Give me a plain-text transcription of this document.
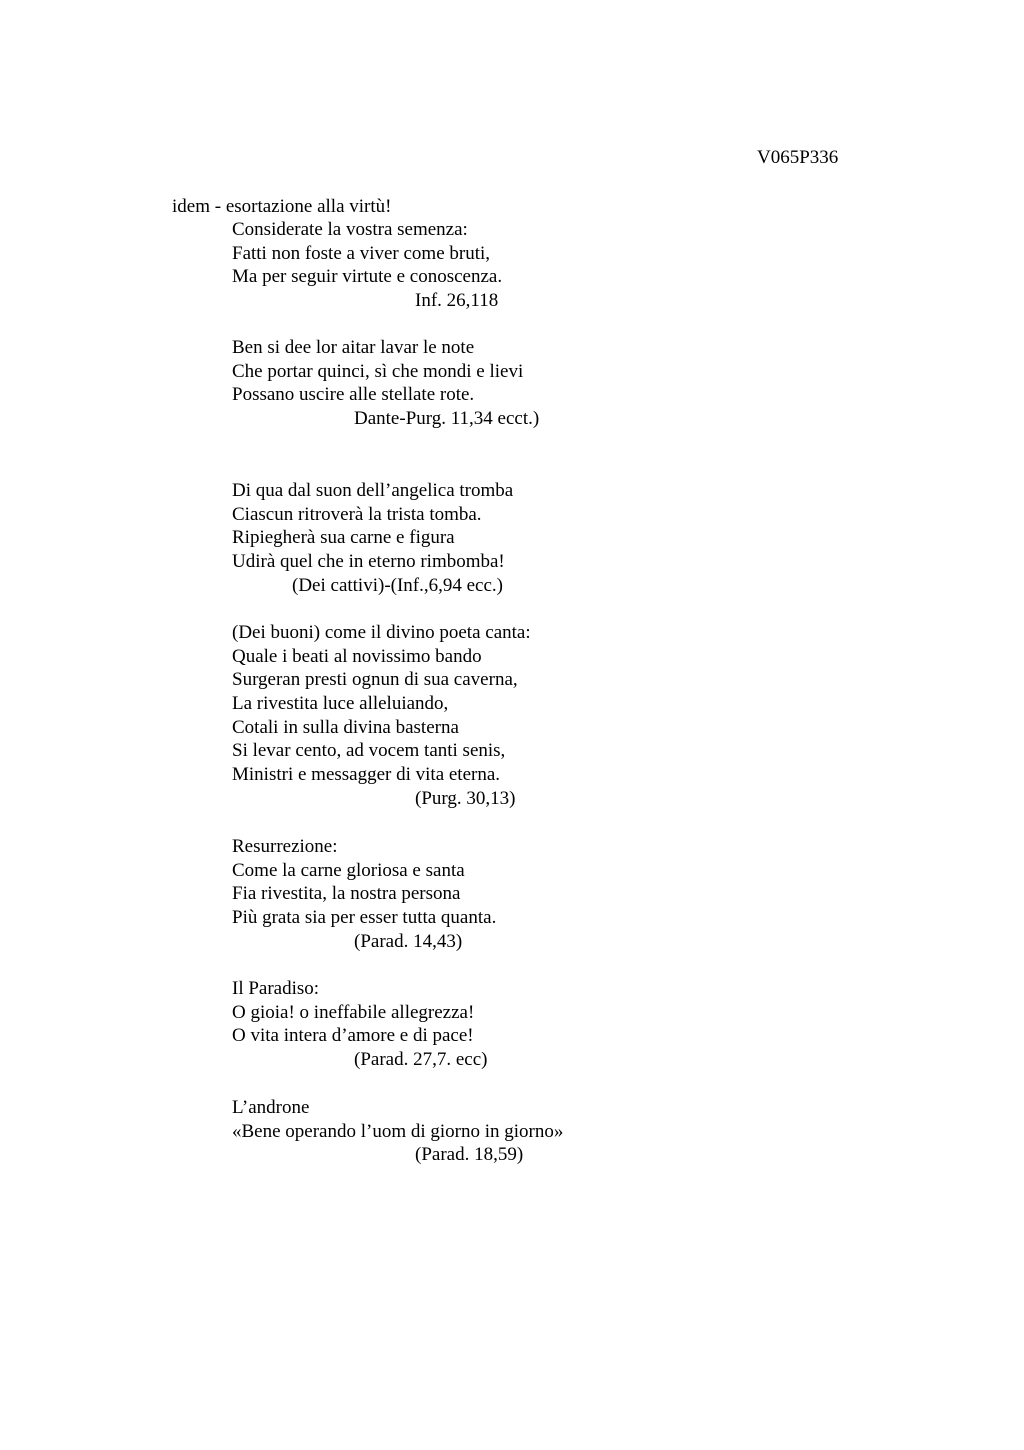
V065P336
idem - esortazione alla virtù!
Considerate la vostra semenza:
Fatti non foste a viver come bruti,
Ma per seguir virtute e conoscenza.
Inf. 26,118
Ben si dee lor aitar lavar le note
Che portar quinci, sì che mondi e lievi
Possano uscire alle stellate rote.
Dante-Purg. 11,34 ecct.)
Di qua dal suon dell’angelica tromba
Ciascun ritroverà la trista tomba.
Ripiegherà sua carne e figura
Udirà quel che in eterno rimbomba!
(Dei cattivi)-(Inf.,6,94 ecc.)
(Dei buoni) come il divino poeta canta:
Quale i beati al novissimo bando
Surgeran presti ognun di sua caverna,
La rivestita luce alleluiando,
Cotali in sulla divina basterna
Si levar cento, ad vocem tanti senis,
Ministri e messagger di vita eterna.
(Purg. 30,13)
Resurrezione:
Come la carne gloriosa e santa
Fia rivestita, la nostra persona
Più grata sia per esser tutta quanta.
(Parad. 14,43)
Il Paradiso:
O gioia! o ineffabile allegrezza!
O vita intera d’amore e di pace!
(Parad. 27,7. ecc)
L’androne
«Bene operando l’uom di giorno in giorno»
(Parad. 18,59)
